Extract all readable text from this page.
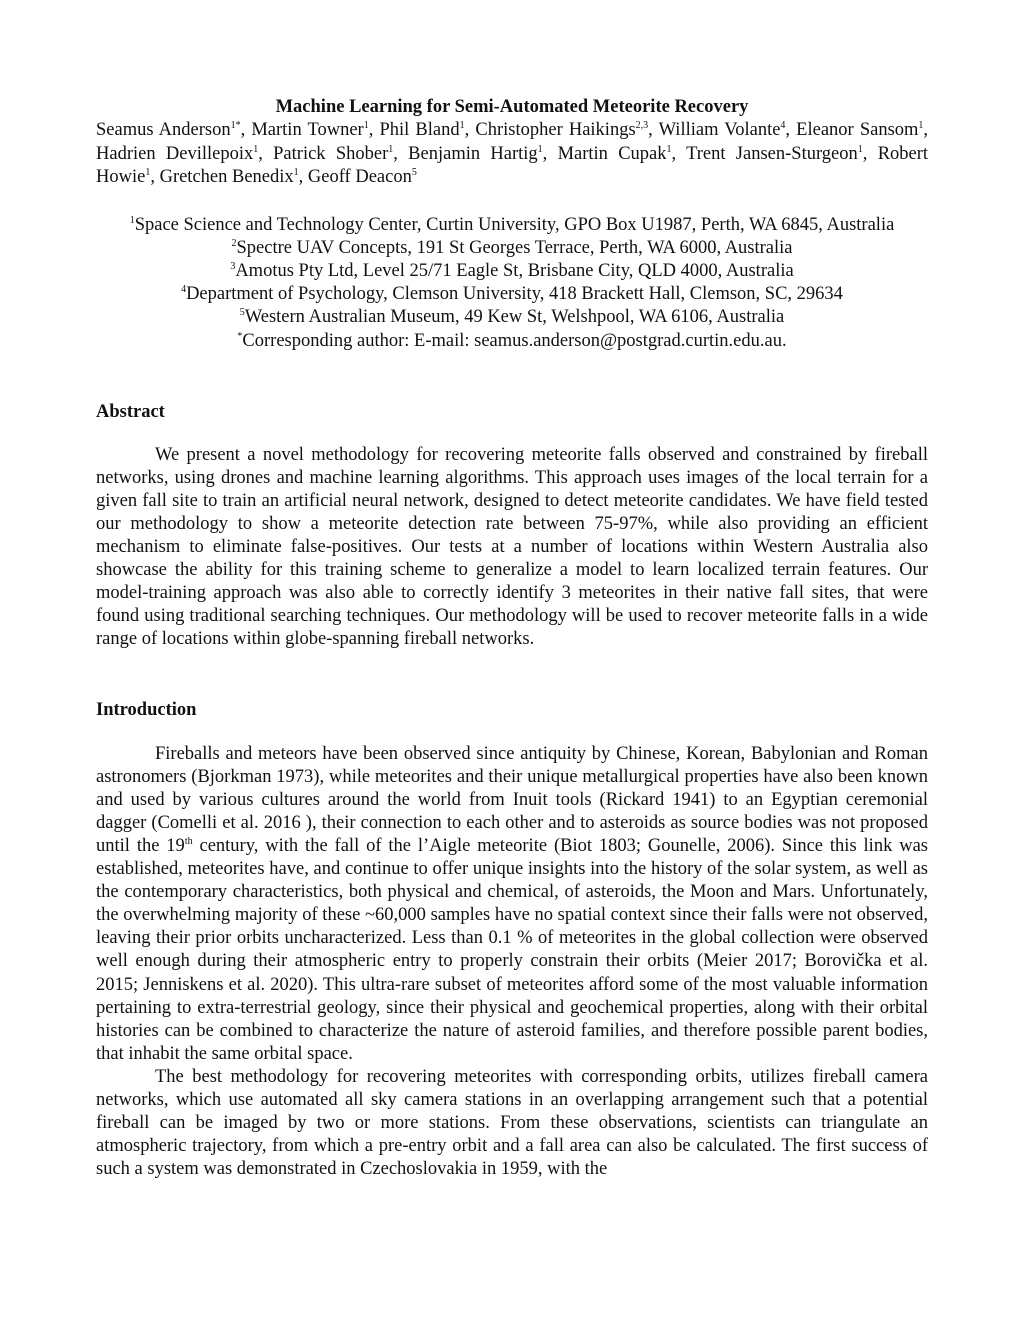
Machine Learning for Semi-Automated Meteorite Recovery

Seamus Anderson$^{1*}$, Martin Towner$^1$, Phil Bland$^1$, Christopher Haikings$^{2,3}$, William Volante$^4$, Eleanor Sansom$^1$, Hadrien Devillepoix$^1$, Patrick Shober$^1$, Benjamin Hartig$^1$, Martin Cupak$^1$, Trent Jansen-Sturgeon$^1$, Robert Howie$^1$, Gretchen Benedix$^1$, Geoff Deacon$^5$

$^1$Space Science and Technology Center, Curtin University, GPO Box U1987, Perth, WA 6845, Australia
$^2$Spectre UAV Concepts, 191 St Georges Terrace, Perth, WA 6000, Australia
$^3$Amotus Pty Ltd, Level 25/71 Eagle St, Brisbane City, QLD 4000, Australia
$^4$Department of Psychology, Clemson University, 418 Brackett Hall, Clemson, SC, 29634
$^5$Western Australian Museum, 49 Kew St, Welshpool, WA 6106, Australia
*Corresponding author: E-mail: seamus.anderson@postgrad.curtin.edu.au.
Abstract

We present a novel methodology for recovering meteorite falls observed and constrained by fireball networks, using drones and machine learning algorithms. This approach uses images of the local terrain for a given fall site to train an artificial neural network, designed to detect meteorite candidates. We have field tested our methodology to show a meteorite detection rate between 75-97%, while also providing an efficient mechanism to eliminate false-positives. Our tests at a number of locations within Western Australia also showcase the ability for this training scheme to generalize a model to learn localized terrain features. Our model-training approach was also able to correctly identify 3 meteorites in their native fall sites, that were found using traditional searching techniques. Our methodology will be used to recover meteorite falls in a wide range of locations within globe-spanning fireball networks.

Introduction

Fireballs and meteors have been observed since antiquity by Chinese, Korean, Babylonian and Roman astronomers (Bjorkman 1973), while meteorites and their unique metallurgical properties have also been known and used by various cultures around the world from Inuit tools (Rickard 1941) to an Egyptian ceremonial dagger (Comelli et al. 2016 ), their connection to each other and to asteroids as source bodies was not proposed until the 19th century, with the fall of the l’Aigle meteorite (Biot 1803; Gounelle, 2006). Since this link was established, meteorites have, and continue to offer unique insights into the history of the solar system, as well as the contemporary characteristics, both physical and chemical, of asteroids, the Moon and Mars. Unfortunately, the overwhelming majority of these ~60,000 samples have no spatial context since their falls were not observed, leaving their prior orbits uncharacterized. Less than 0.1 % of meteorites in the global collection were observed well enough during their atmospheric entry to properly constrain their orbits (Meier 2017; Borovička et al. 2015; Jenniskens et al. 2020). This ultra-rare subset of meteorites afford some of the most valuable information pertaining to extra-terrestrial geology, since their physical and geochemical properties, along with their orbital histories can be combined to characterize the nature of asteroid families, and therefore possible parent bodies, that inhabit the same orbital space.

The best methodology for recovering meteorites with corresponding orbits, utilizes fireball camera networks, which use automated all sky camera stations in an overlapping arrangement such that a potential fireball can be imaged by two or more stations. From these observations, scientists can triangulate an atmospheric trajectory, from which a pre-entry orbit and a fall area can also be calculated. The first success of such a system was demonstrated in Czechoslovakia in 1959, with the
